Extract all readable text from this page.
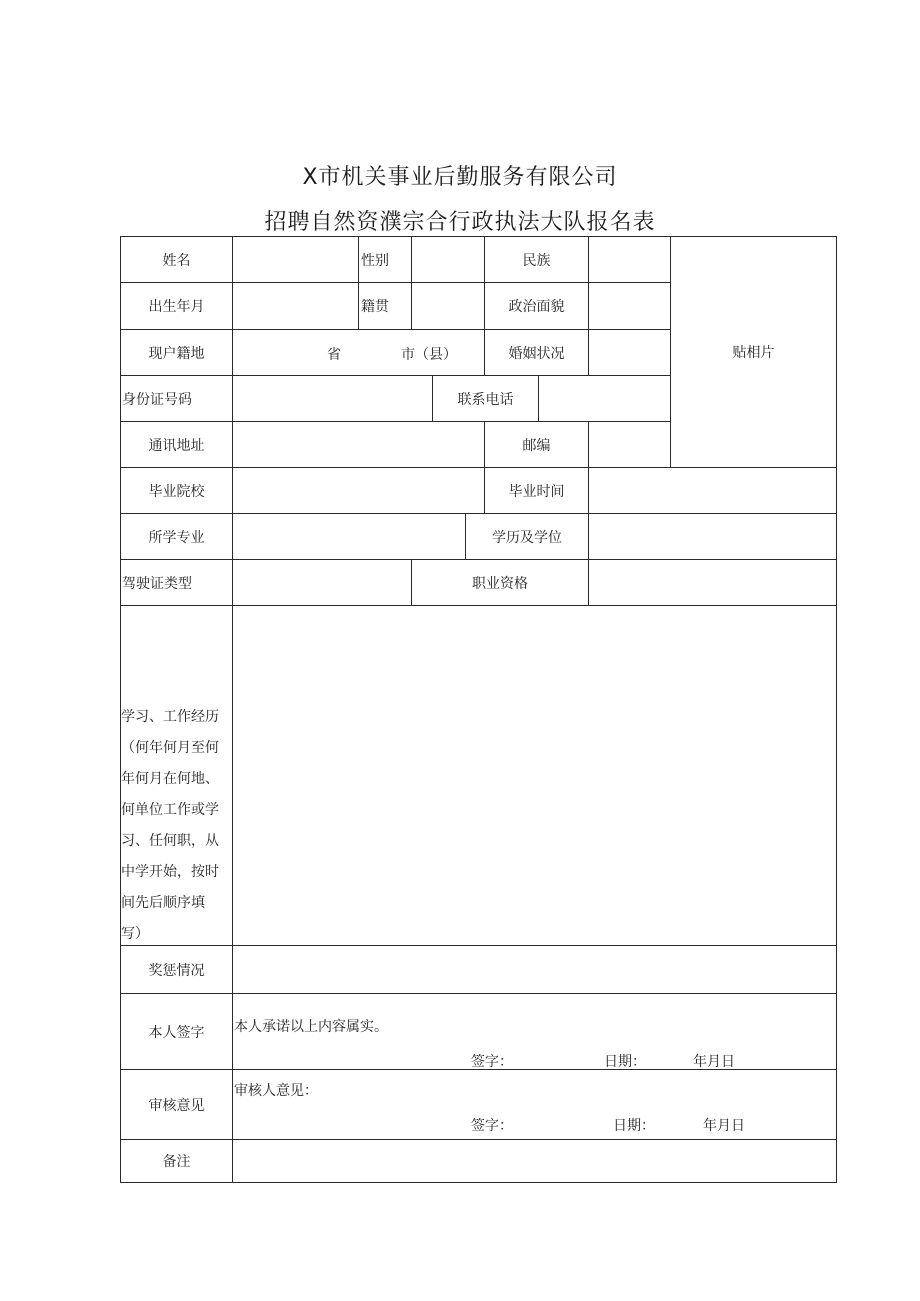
X市机关事业后勤服务有限公司
招聘自然资濮宗合行政执法大队报名表
姓名	性别	民族
贴相片
出生年月	籍贯	政治面貌
现户籍地	省	市（县）	婚姻状况
身份证号码	联系电话
通讯地址	邮编
毕业院校	毕业时间
所学专业	学历及学位
驾驶证类型	职业资格
学习、工作经历
（何年何月至何
年何月在何地、
何单位工作或学
习、任何职，从
中学开始，按时
间先后顺序填
写）
奖惩情况
本人签字	本人承诺以上内容属实。
签字：	日期：	年月日
审核意见
审核人意见：
签字：	日期：	年月日
备注
